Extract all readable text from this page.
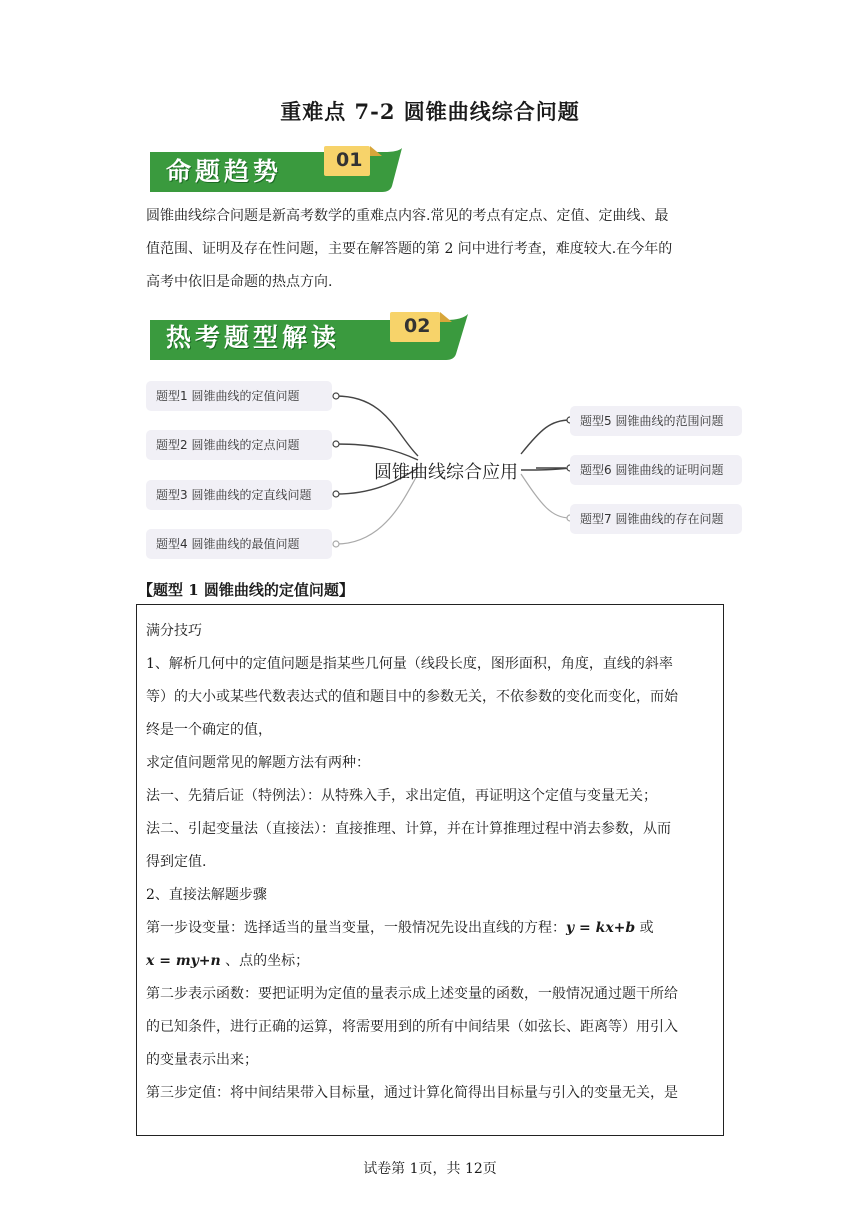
重难点 7-2 圆锥曲线综合问题
命题趋势	01
圆锥曲线综合问题是新高考数学的重难点内容.常见的考点有定点、定值、定曲线、最
值范围、证明及存在性问题，主要在解答题的第 2 问中进行考查，难度较大.在今年的
高考中依旧是命题的热点方向.
热考题型解读	02
题型1 圆锥曲线的定值问题
题型2 圆锥曲线的定点问题
题型3 圆锥曲线的定直线问题
题型4 圆锥曲线的最值问题
圆锥曲线综合应用
题型5 圆锥曲线的范围问题
题型6 圆锥曲线的证明问题
题型7 圆锥曲线的存在问题
【题型 1 圆锥曲线的定值问题】

满分技巧

1、解析几何中的定值问题是指某些几何量（线段长度，图形面积，角度，直线的斜率

等）的大小或某些代数表达式的值和题目中的参数无关，不依参数的变化而变化，而始

终是一个确定的值，

求定值问题常见的解题方法有两种：

法一、先猜后证（特例法）：从特殊入手，求出定值，再证明这个定值与变量无关；

法二、引起变量法（直接法）：直接推理、计算，并在计算推理过程中消去参数，从而

得到定值.

2、直接法解题步骤

第一步设变量：选择适当的量当变量，一般情况先设出直线的方程：y = kx+b 或

x = my+n 、点的坐标；

第二步表示函数：要把证明为定值的量表示成上述变量的函数，一般情况通过题干所给

的已知条件，进行正确的运算，将需要用到的所有中间结果（如弦长、距离等）用引入

的变量表示出来；

第三步定值：将中间结果带入目标量，通过计算化简得出目标量与引入的变量无关，是

试卷第 1页，共 12页
